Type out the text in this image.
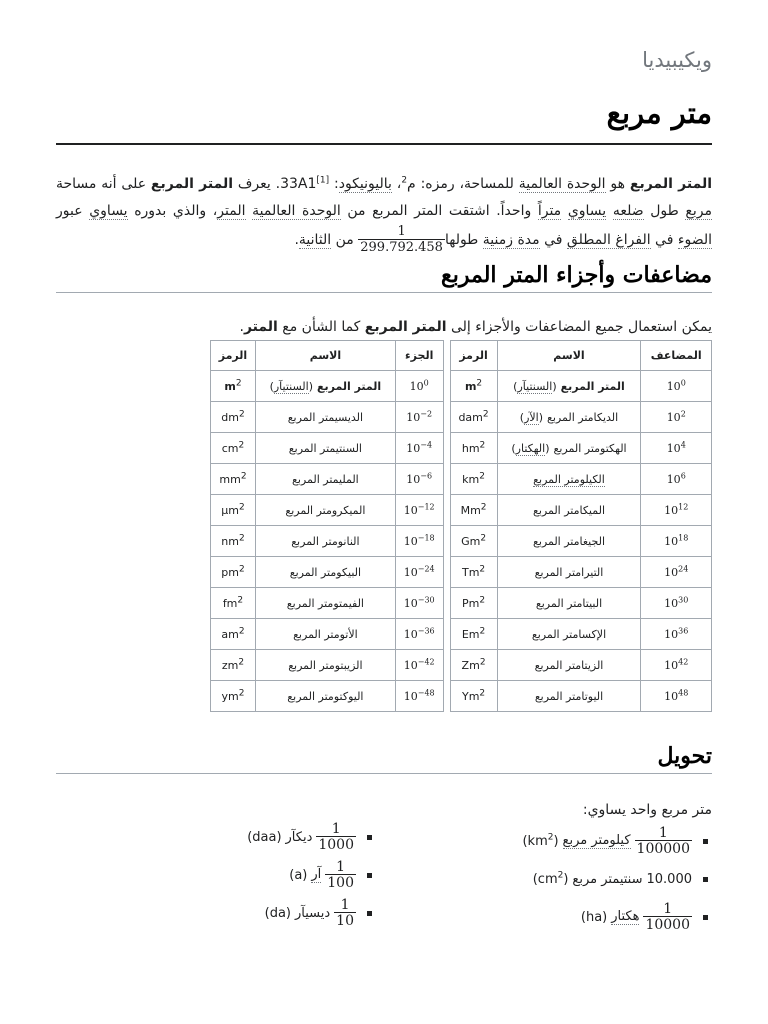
ويكيبيديا
متر مربع

المتر المربع هو الوحدة العالمية للمساحة، رمزه: م$^2$، باليونيكود: 33A1[1]. يعرف المتر المربع على أنه مساحة مربع طول ضلعه يساوي متراً واحداً. اشتقت المتر المربع من الوحدة العالمية المتر، والذي بدوره يساوي عبور الضوء في الفراغ المطلق في مدة زمنية طولها
$\frac{1}{299.792.458}$
من الثانية.

مضاعفات وأجزاء المتر المربع

يمكن استعمال جميع المضاعفات والأجزاء إلى المتر المربع كما الشأن مع المتر.

المضاعف	الاسم	الرمز		الجزء	الاسم	الرمز
$10^0$	المتر المربع(السنتيآر)	$m^2$		$10^0$	المتر المربع(السنتيآر)	$m^2$
$10^2$	الديكامتر المربع(الآر)	dam$^2$		$10^{-2}$	الديسيمتر المربع	$dm^2$
$10^4$	الهكتومتر المربع(الهكتار)	$hm^2$		$10^{-4}$	السنتيمتر المربع	$cm^2$
$10^6$	الكيلومتر المربع	$km^2$		$10^{-6}$	المليمتر المربع	$mm^2$
$10^{12}$	الميكامتر المربع	Mm$^2$		$10^{-12}$	الميكرومتر المربع	µm$^2$
$10^{18}$	الجيغامتر المربع	Gm$^2$		$10^{-18}$	النانومتر المربع	$nm^2$
$10^{24}$	التيرامتر المربع	Tm$^2$		$10^{-24}$	البيكومتر المربع	$pm^2$
$10^{30}$	البيتامتر المربع	Pm$^2$		$10^{-30}$	الفيمتومتر المربع	$fm^2$
$10^{36}$	الإكسامتر المربع	Em$^2$		$10^{-36}$	الأتومتر المربع	$am^2$
$10^{42}$	الزيتامتر المربع	Zm$^2$		$10^{-42}$	الزيبتومتر المربع	$zm^2$
$10^{48}$	اليوتامتر المربع	Ym$^2$		$10^{-48}$	اليوكتومتر المربع	$ym^2$
تحويل

متر مربع واحد يساوي:

$\frac{1}{100000}$
كيلومتر مربع
$(km^2)$
10.000
سنتيمتر مربع
$(cm^2)$
$\frac{1}{10000}$
هكتار
(ha)
$\frac{1}{1000}$
ديكآر
(daa)
$\frac{1}{100}$
آر
(a)
$\frac{1}{10}$
ديسيآر
(da)
